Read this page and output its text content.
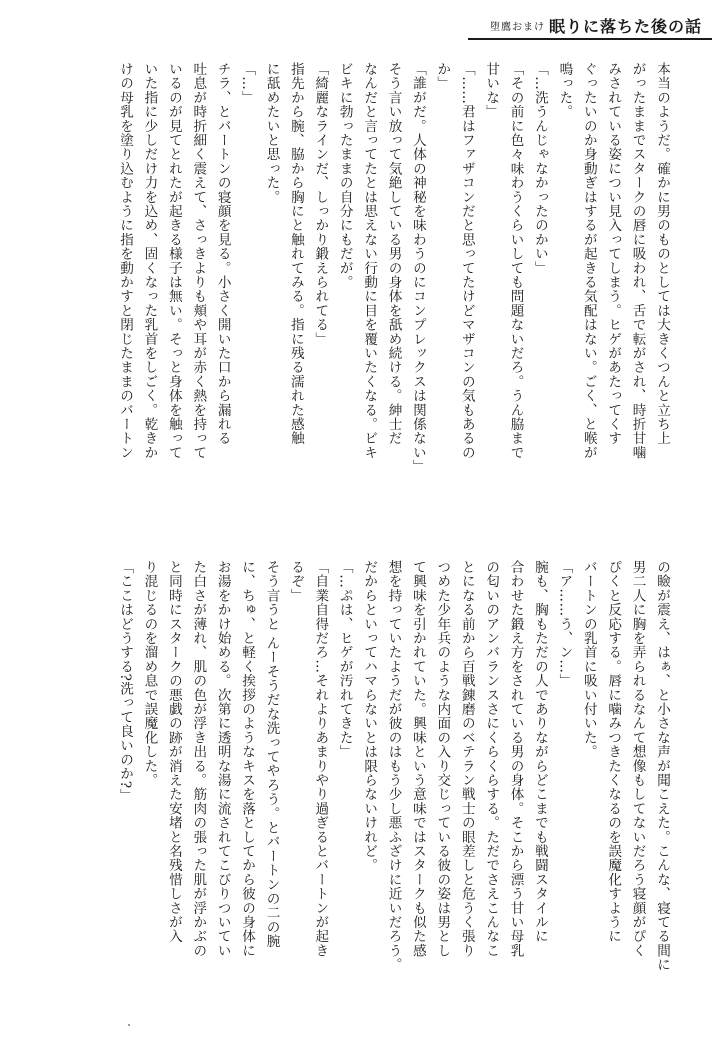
堕鷹おまけ 眠りに落ちた後の話

本当のようだ。確かに男のものとしては大きくつんと立ち上

がったままでスタークの唇に吸われ、舌で転がされ、時折甘噛

みされている姿につい見入ってしまう。ヒゲがあたってくす

ぐったいのか身動ぎはするが起きる気配はない。ごく、と喉が

鳴った。

「…洗うんじゃなかったのかい」

「その前に色々味わうくらいしても問題ないだろ。うん脇まで

甘いな」

「……君はファザコンだと思ってたけどマザコンの気もあるの

か」

「誰がだ。人体の神秘を味わうのにコンプレックスは関係ない」

そう言い放って気絶している男の身体を舐め続ける。紳士だ

なんだと言ってたとは思えない行動に目を覆いたくなる。ビキ

ビキに勃ったままの自分にもだが。

「綺麗なラインだ、しっかり鍛えられてる」

指先から腕、脇から胸にと触れてみる。指に残る濡れた感触

に舐めたいと思った。

「…」

チラ、とバートンの寝顔を見る。小さく開いた口から漏れる

吐息が時折細く震えて、さっきよりも頬や耳が赤く熱を持って

いるのが見てとれたが起きる様子は無い。そっと身体を触って

いた指に少しだけ力を込め、固くなった乳首をしごく。乾きか

けの母乳を塗り込むように指を動かすと閉じたままのバートン

の瞼が震え、はぁ、と小さな声が聞こえた。こんな、寝てる間に

男二人に胸を弄られるなんて想像もしてないだろう寝顔がぴく

ぴくと反応する。唇に噛みつきたくなるのを誤魔化すように

バートンの乳首に吸い付いた。

「ア……う、ン…」

腕も、胸もただの人でありながらどこまでも戦闘スタイルに

合わせた鍛え方をされている男の身体。そこから漂う甘い母乳

の匂いのアンバランスさにくらくらする。ただでさえこんなこ

とになる前から百戦錬磨のベテラン戦士の眼差しと危うく張り

つめた少年兵のような内面の入り交じっている彼の姿は男とし

て興味を引かれていた。興味という意味ではスタークも似た感

想を持っていたようだが彼のはもう少し悪ふざけに近いだろう。

だからといってハマらないとは限らないけれど。

「…ぷは、ヒゲが汚れてきた」

「自業自得だろ…それよりあまりやり過ぎるとバートンが起き

るぞ」

そう言うと んーそうだな洗ってやろう。とバートンの二の腕

に、ちゅ、と軽く挨拶のようなキスを落としてから彼の身体に

お湯をかけ始める。次第に透明な湯に流されてこびりついてい

た白さが薄れ、肌の色が浮き出る。筋肉の張った肌が浮かぶの

と同時にスタークの悪戯の跡が消えた安堵と名残惜しさが入

り混じるのを溜め息で誤魔化した。

「ここはどうする?洗って良いのか?」
